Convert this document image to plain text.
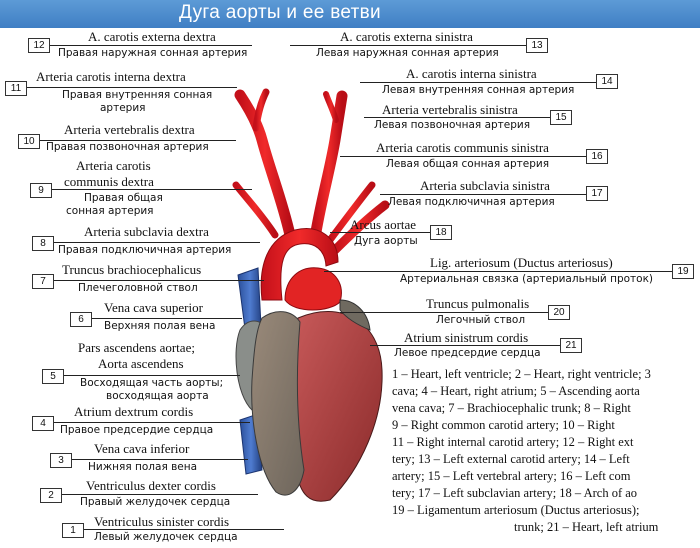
Дуга аорты и ее ветви
12
A. carotis externa dextra
Правая наружная сонная артерия
11
Arteria carotis interna dextra
Правая внутренняя сонная
артерия
10
Arteria vertebralis dextra
Правая позвоночная артерия
9
Arteria carotis
communis dextra
Правая общая
сонная артерия
8
Arteria subclavia dextra
Правая подключичная артерия
7
Truncus brachiocephalicus
Плечеголовной ствол
6
Vena cava superior
Верхняя полая вена
5
Pars ascendens aortae;
Aorta ascendens
Восходящая часть аорты;
восходящая аорта
4
Atrium dextrum cordis
Правое предсердие сердца
3
Vena cava inferior
Нижняя полая вена
2
Ventriculus dexter cordis
Правый желудочек сердца
1
Ventriculus sinister cordis
Левый желудочек сердца
A. carotis externa sinistra
Левая наружная сонная артерия
13
A. carotis interna sinistra
Левая внутренняя сонная артерия
14
Arteria vertebralis sinistra
Левая позвоночная артерия
15
Arteria carotis communis sinistra
Левая общая сонная артерия
16
Arteria subclavia sinistra
Левая подключичная артерия
17
Arcus aortae
Дуга аорты
18
Lig. arteriosum (Ductus arteriosus)
Артериальная связка (артериальный проток)
19
Truncus pulmonalis
Легочный ствол
20
Atrium sinistrum cordis
Левое предсердие сердца
21
1 – Heart, left ventricle; 2 – Heart, right ventricle; 3
cava; 4 – Heart, right atrium; 5 – Ascending aorta
vena cava; 7 – Brachiocephalic trunk; 8 – Right
9 – Right common carotid artery; 10 – Right
11 – Right internal carotid artery; 12 – Right ext
tery; 13 – Left external carotid artery; 14 – Left
artery; 15 – Left vertebral artery; 16 – Left com
tery; 17 – Left subclavian artery; 18 – Arch of ao
19 – Ligamentum arteriosum (Ductus arteriosus);
trunk; 21 – Heart, left atrium
